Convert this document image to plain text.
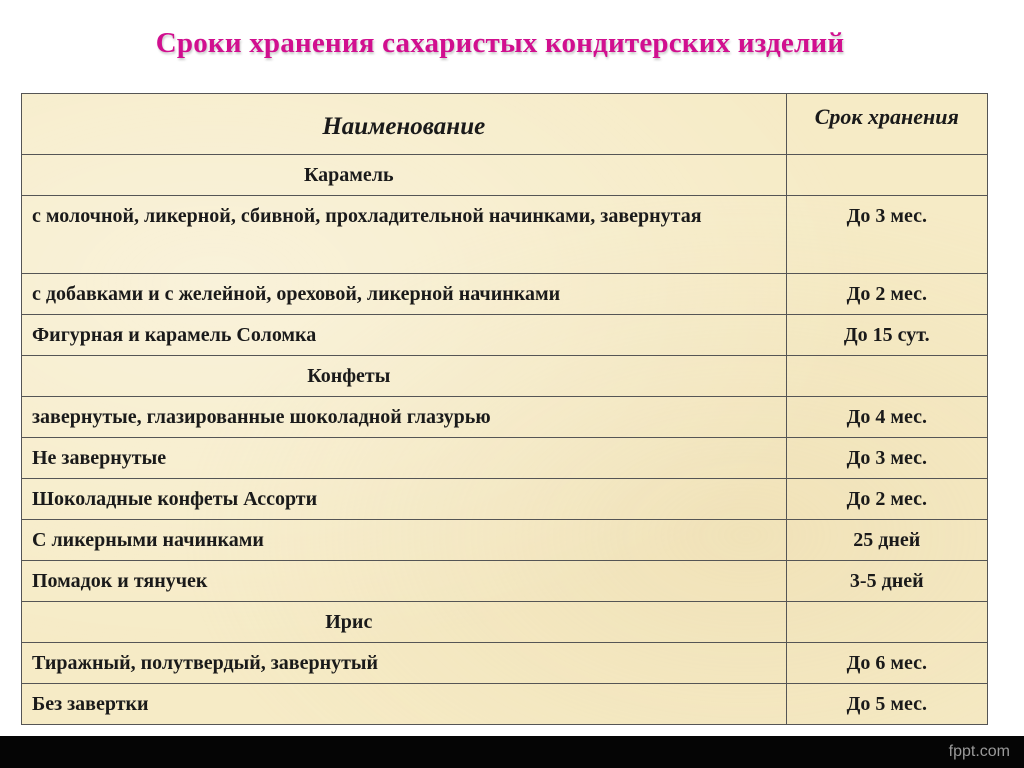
Сроки хранения сахаристых кондитерских изделий
Наименование	Срок хранения
Карамель	
с молочной, ликерной, сбивной, прохладительной начинками, завернутая	До 3 мес.
с добавками и с желейной, ореховой, ликерной начинками	До 2 мес.
Фигурная и карамель Соломка	До 15 сут.
Конфеты	
завернутые, глазированные шоколадной глазурью	До 4 мес.
Не завернутые	До 3 мес.
Шоколадные конфеты Ассорти	До 2 мес.
С ликерными начинками	25 дней
Помадок и тянучек	3-5 дней
Ирис	
Тиражный, полутвердый, завернутый	До 6 мес.
Без завертки	До 5 мес.
fppt.com
